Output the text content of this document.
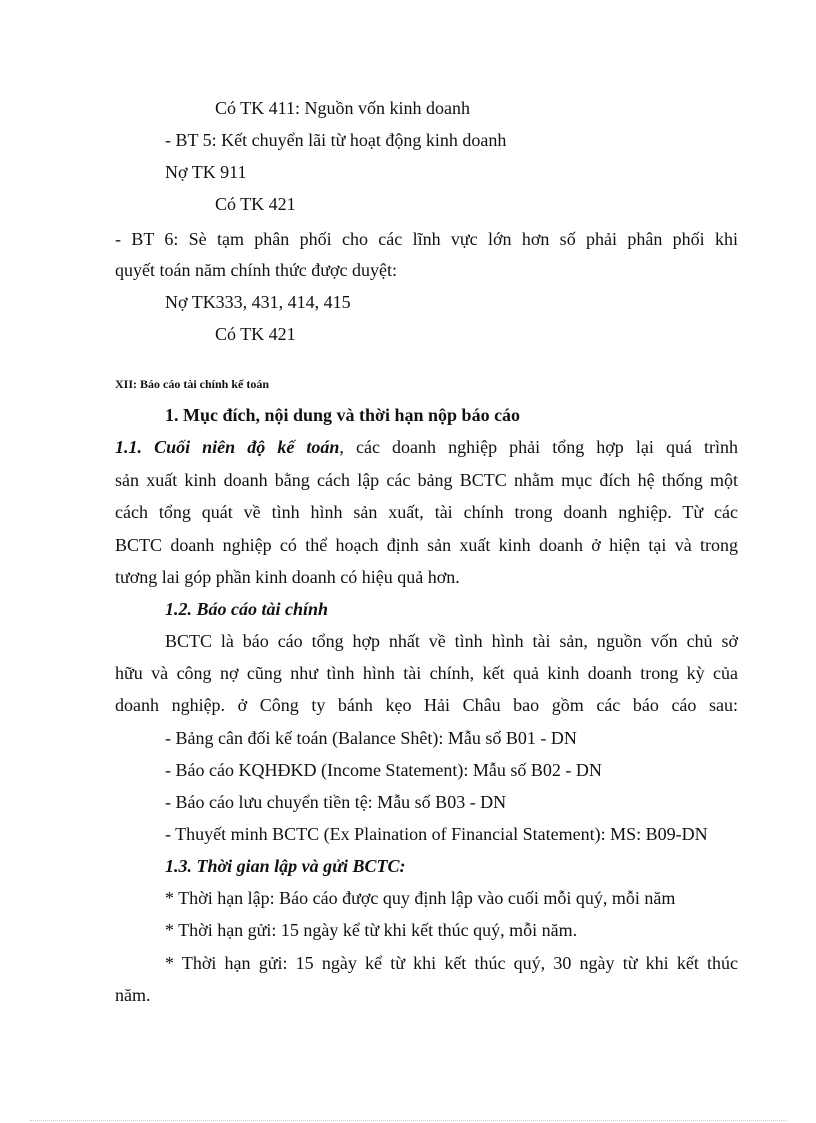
Có TK 411: Nguồn vốn kinh doanh
- BT 5: Kết chuyển lãi từ hoạt động kinh doanh
Nợ TK 911
Có TK 421
- BT 6: Sè tạm phân phối cho các lĩnh vực lớn hơn số phải phân phối khi
quyết toán năm chính thức được duyệt:
Nợ TK333, 431, 414, 415
Có TK 421
XII: Báo cáo tài chính kế toán
1. Mục đích, nội dung và thời hạn nộp báo cáo
1.1. Cuối niên độ kế toán, các doanh nghiệp phải tổng hợp lại quá trình
sản xuất kinh doanh bằng cách lập các bảng BCTC nhằm mục đích hệ thống một
cách tổng quát về tình hình sản xuất, tài chính trong doanh nghiệp. Từ các
BCTC doanh nghiệp có thể hoạch định sản xuất kinh doanh ở hiện tại và trong
tương lai góp phần kinh doanh có hiệu quả hơn.
1.2. Báo cáo tài chính
BCTC là báo cáo tổng hợp nhất về tình hình tài sản, nguồn vốn chủ sở
hữu và công nợ cũng như tình hình tài chính, kết quả kinh doanh trong kỳ của
doanh nghiệp. ở Công ty bánh kẹo Hải Châu bao gồm các báo cáo sau:
- Bảng cân đối kế toán (Balance Shêt): Mẫu số B01 - DN
- Báo cáo KQHĐKD (Income Statement): Mẫu số B02 - DN
- Báo cáo lưu chuyển tiền tệ: Mẫu số B03 - DN
- Thuyết minh BCTC (Ex Plaination of Financial Statement): MS: B09-DN
1.3. Thời gian lập và gửi BCTC:
* Thời hạn lập: Báo cáo được quy định lập vào cuối mỗi quý, mỗi năm
* Thời hạn gửi: 15 ngày kể từ khi kết thúc quý, mỗi năm.
* Thời hạn gửi: 15 ngày kể từ khi kết thúc quý, 30 ngày từ khi kết thúc
năm.
